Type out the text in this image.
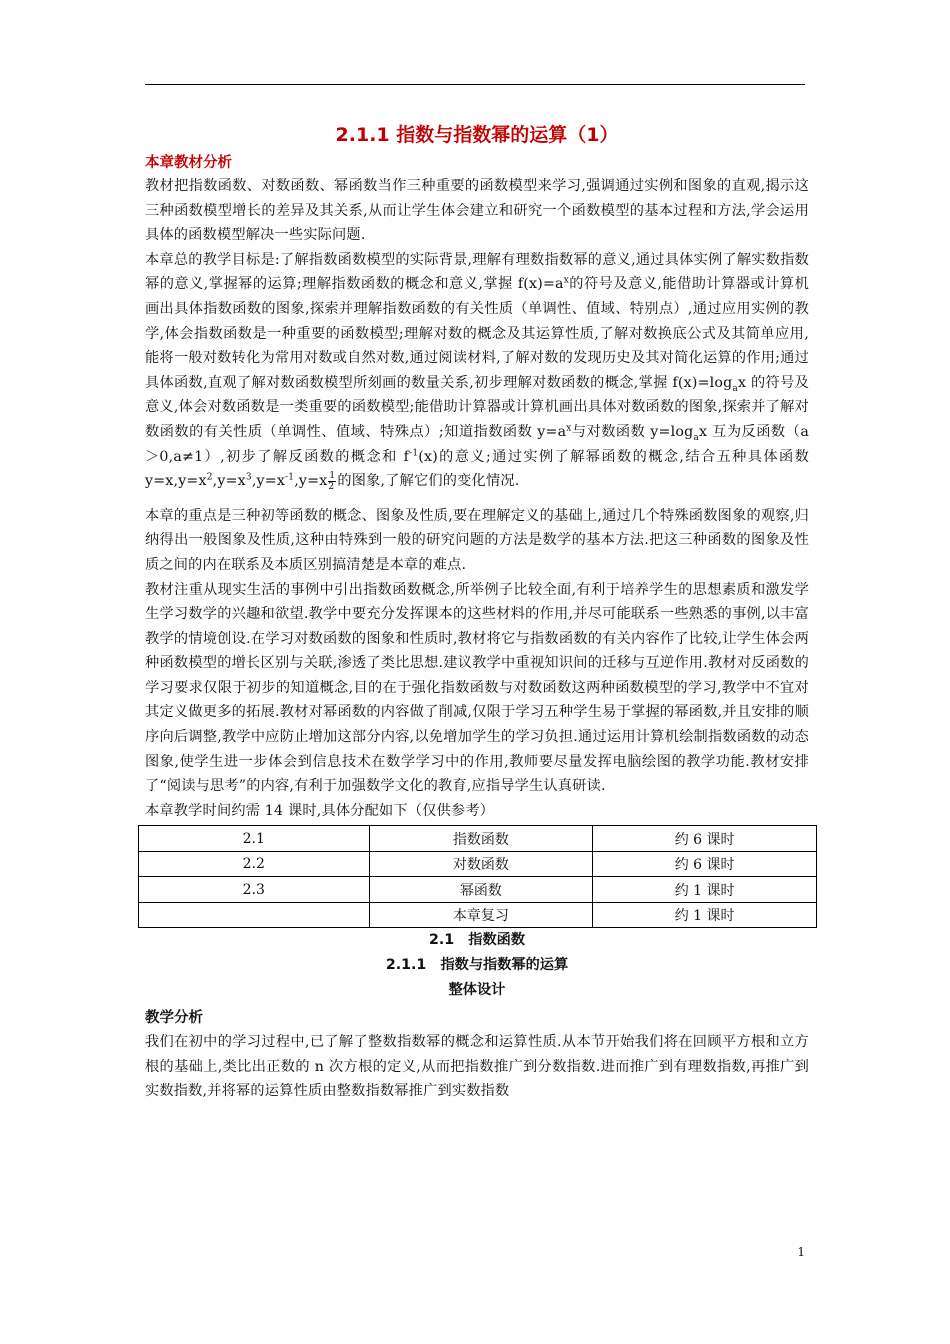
2.1.1 指数与指数幂的运算（1）
本章教材分析

教材把指数函数、对数函数、幂函数当作三种重要的函数模型来学习,强调通过实例和图象的直观,揭示这三种函数模型增长的差异及其关系,从而让学生体会建立和研究一个函数模型的基本过程和方法,学会运用具体的函数模型解决一些实际问题.

本章总的教学目标是:了解指数函数模型的实际背景,理解有理数指数幂的意义,通过具体实例了解实数指数幂的意义,掌握幂的运算;理解指数函数的概念和意义,掌握 $f(x)=a^x$的符号及意义,能借助计算器或计算机画出具体指数函数的图象,探索并理解指数函数的有关性质（单调性、值域、特别点）,通过应用实例的教学,体会指数函数是一种重要的函数模型;理解对数的概念及其运算性质,了解对数换底公式及其简单应用,能将一般对数转化为常用对数或自然对数,通过阅读材料,了解对数的发现历史及其对简化运算的作用;通过具体函数,直观了解对数函数模型所刻画的数量关系,初步理解对数函数的概念,掌握 $f(x)=\log_ax$ 的符号及意义,体会对数函数是一类重要的函数模型;能借助计算器或计算机画出具体对数函数的图象,探索并了解对数函数的有关性质（单调性、值域、特殊点）;知道指数函数 $y=a^x$与对数函数 $y=\log_ax$ 互为反函数（a＞0,a≠1）,初步了解反函数的概念和 $f^{-1}(x)$的意义;通过实例了解幂函数的概念,结合五种具体函数 $y=x,y=x^2,y=x^3,y=x^{-1},y=x \frac{1}{2}$ 的图象,了解它们的变化情况.

本章的重点是三种初等函数的概念、图象及性质,要在理解定义的基础上,通过几个特殊函数图象的观察,归纳得出一般图象及性质,这种由特殊到一般的研究问题的方法是数学的基本方法.把这三种函数的图象及性质之间的内在联系及本质区别搞清楚是本章的难点.

教材注重从现实生活的事例中引出指数函数概念,所举例子比较全面,有利于培养学生的思想素质和激发学生学习数学的兴趣和欲望.教学中要充分发挥课本的这些材料的作用,并尽可能联系一些熟悉的事例,以丰富教学的情境创设.在学习对数函数的图象和性质时,教材将它与指数函数的有关内容作了比较,让学生体会两种函数模型的增长区别与关联,渗透了类比思想.建议教学中重视知识间的迁移与互逆作用.教材对反函数的学习要求仅限于初步的知道概念,目的在于强化指数函数与对数函数这两种函数模型的学习,教学中不宜对其定义做更多的拓展.教材对幂函数的内容做了削减,仅限于学习五种学生易于掌握的幂函数,并且安排的顺序向后调整,教学中应防止增加这部分内容,以免增加学生的学习负担.通过运用计算机绘制指数函数的动态图象,使学生进一步体会到信息技术在数学学习中的作用,教师要尽量发挥电脑绘图的教学功能.教材安排了“阅读与思考”的内容,有利于加强数学文化的教育,应指导学生认真研读.

本章教学时间约需 14 课时,具体分配如下（仅供参考）

2.1	指数函数	约 6 课时
2.2	对数函数	约 6 课时
2.3	幂函数	约 1 课时
	本章复习	约 1 课时

2.1　指数函数

2.1.1　指数与指数幂的运算

整体设计

教学分析

我们在初中的学习过程中,已了解了整数指数幂的概念和运算性质.从本节开始我们将在回顾平方根和立方根的基础上,类比出正数的 n 次方根的定义,从而把指数推广到分数指数.进而推广到有理数指数,再推广到实数指数,并将幂的运算性质由整数指数幂推广到实数指数

1
